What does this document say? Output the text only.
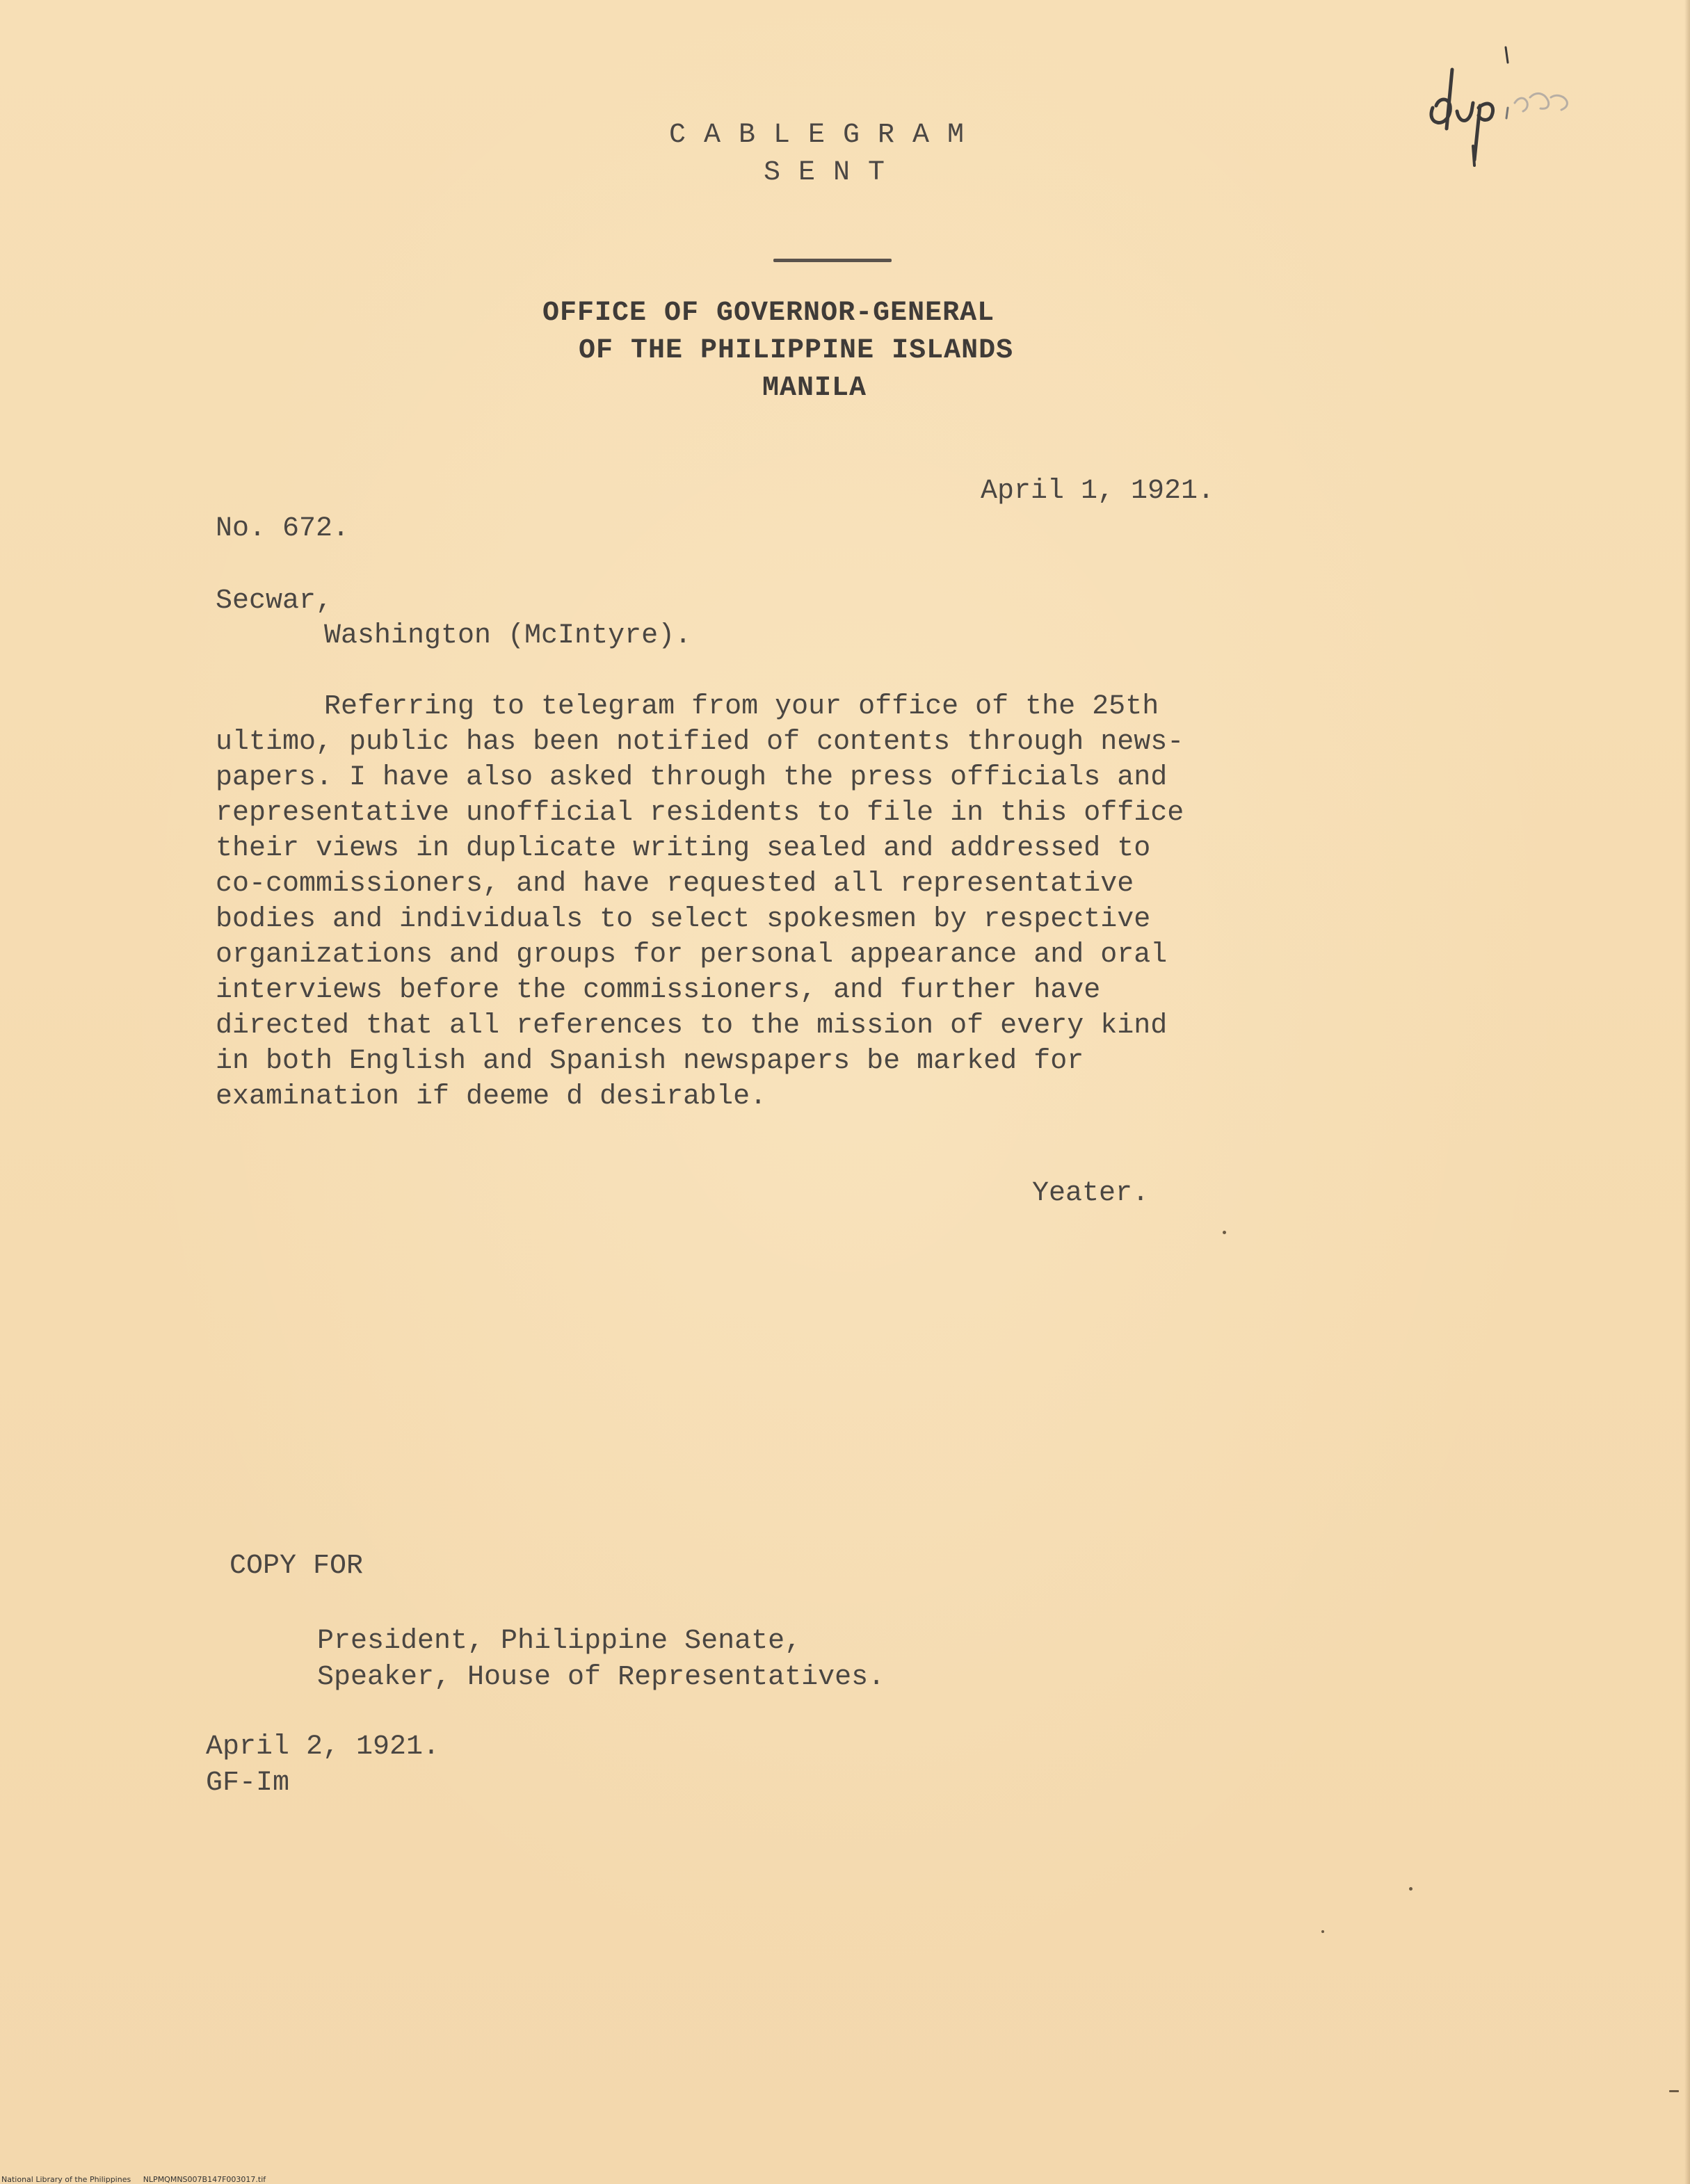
CABLEGRAM
SENT
OFFICE OF GOVERNOR-GENERAL
OF THE PHILIPPINE ISLANDS
MANILA
April 1, 1921.
No. 672.
Secwar,
Washington (McIntyre).
Referring to telegram from your office of the 25th
ultimo, public has been notified of contents through news-
papers. I have also asked through the press officials and
representative unofficial residents to file in this office
their views in duplicate writing sealed and addressed to
co-commissioners, and have requested all representative
bodies and individuals to select spokesmen by respective
organizations and groups for personal appearance and oral
interviews before the commissioners, and further have
directed that all references to the mission of every kind
in both English and Spanish newspapers be marked for
examination if deeme d desirable.
Yeater.
COPY FOR
President, Philippine Senate,
Speaker, House of Representatives.
April 2, 1921.
GF-Im
National Library of the Philippines NLPMQMNS007B147F003017.tif
